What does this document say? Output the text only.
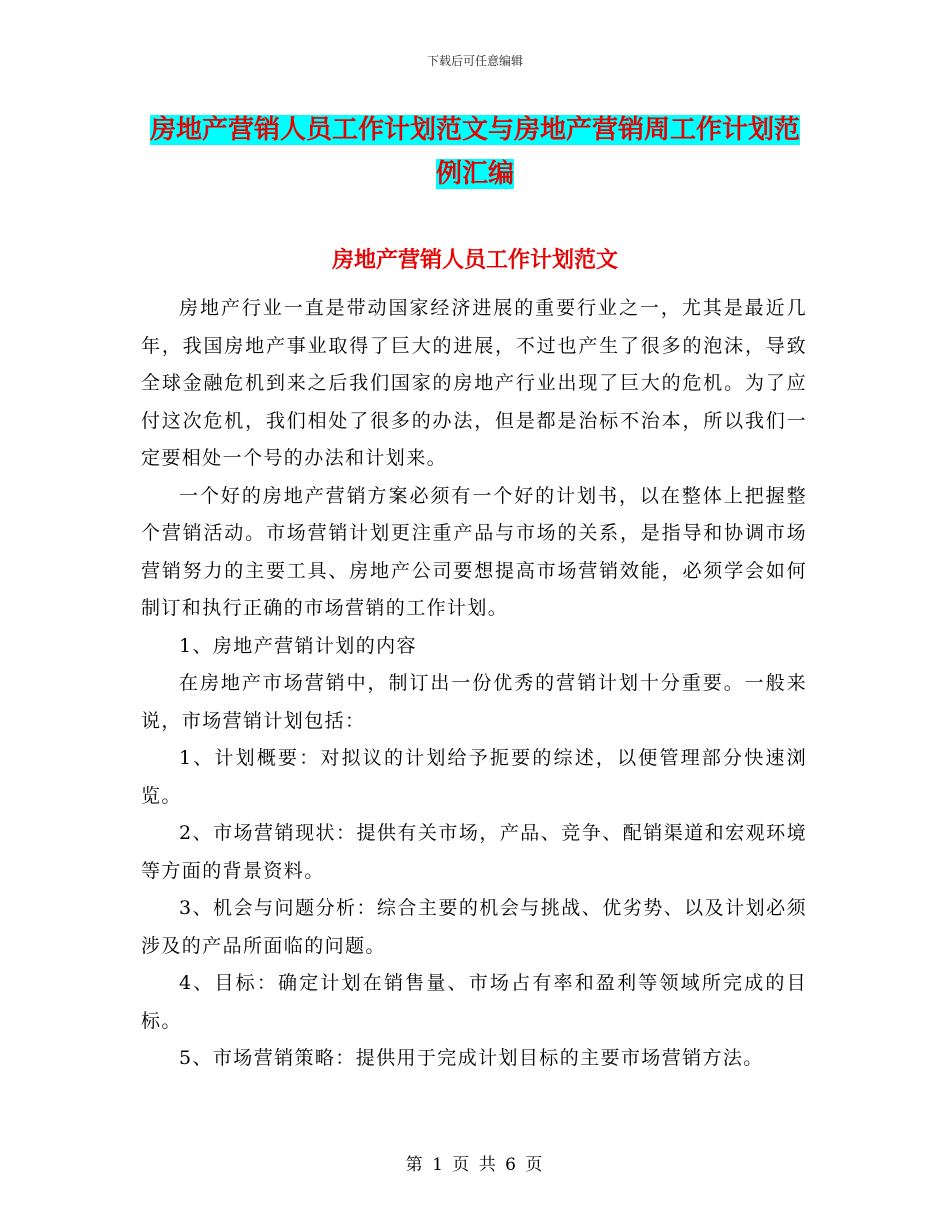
下载后可任意编辑
房地产营销人员工作计划范文与房地产营销周工作计划范例汇编
房地产营销人员工作计划范文

房地产行业一直是带动国家经济进展的重要行业之一，尤其是最近几年，我国房地产事业取得了巨大的进展，不过也产生了很多的泡沫，导致全球金融危机到来之后我们国家的房地产行业出现了巨大的危机。为了应付这次危机，我们相处了很多的办法，但是都是治标不治本，所以我们一定要相处一个号的办法和计划来。

一个好的房地产营销方案必须有一个好的计划书，以在整体上把握整个营销活动。市场营销计划更注重产品与市场的关系，是指导和协调市场营销努力的主要工具、房地产公司要想提高市场营销效能，必须学会如何制订和执行正确的市场营销的工作计划。

1、房地产营销计划的内容

在房地产市场营销中，制订出一份优秀的营销计划十分重要。一般来说，市场营销计划包括：

1、计划概要：对拟议的计划给予扼要的综述，以便管理部分快速浏览。

2、市场营销现状：提供有关市场，产品、竞争、配销渠道和宏观环境等方面的背景资料。

3、机会与问题分析：综合主要的机会与挑战、优劣势、以及计划必须涉及的产品所面临的问题。

4、目标：确定计划在销售量、市场占有率和盈利等领域所完成的目标。

5、市场营销策略：提供用于完成计划目标的主要市场营销方法。

第 1 页 共 6 页
